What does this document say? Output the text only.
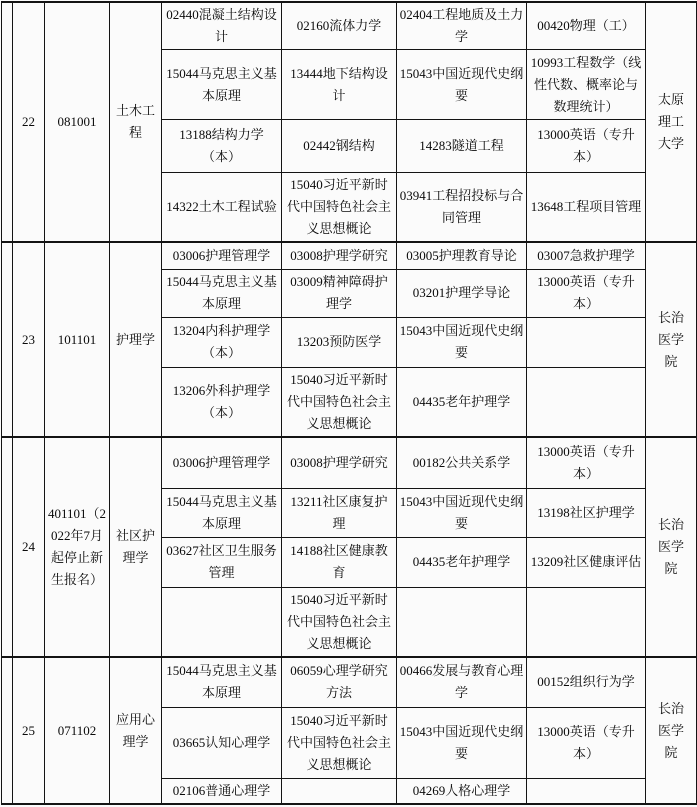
	22	081001	土木工程	02440混凝土结构设计	02160流体力学	02404工程地质及土力学	00420物理（工）	太原理工大学
				15044马克思主义基本原理	13444地下结构设计	15043中国近现代史纲要	10993工程数学（线性代数、概率论与数理统计）	
				13188结构力学（本）	02442钢结构	14283隧道工程	13000英语（专升本）	
				14322土木工程试验	15040习近平新时代中国特色社会主义思想概论	03941工程招投标与合同管理	13648工程项目管理	
	23	101101	护理学	03006护理管理学	03008护理学研究	03005护理教育导论	03007急救护理学	长治医学院
				15044马克思主义基本原理	03009精神障碍护理学	03201护理学导论	13000英语（专升本）	
				13204内科护理学（本）	13203预防医学	15043中国近现代史纲要		
				13206外科护理学（本）	15040习近平新时代中国特色社会主义思想概论	04435老年护理学		
	24	401101（2022年7月起停止新生报名）	社区护理学	03006护理管理学	03008护理学研究	00182公共关系学	13000英语（专升本）	长治医学院
				15044马克思主义基本原理	13211社区康复护理	15043中国近现代史纲要	13198社区护理学	
				03627社区卫生服务管理	14188社区健康教育	04435老年护理学	13209社区健康评估	
					15040习近平新时代中国特色社会主义思想概论			
	25	071102	应用心理学	15044马克思主义基本原理	06059心理学研究方法	00466发展与教育心理学	00152组织行为学	长治医学院
				03665认知心理学	15040习近平新时代中国特色社会主义思想概论	15043中国近现代史纲要	13000英语（专升本）	
				02106普通心理学		04269人格心理学		
